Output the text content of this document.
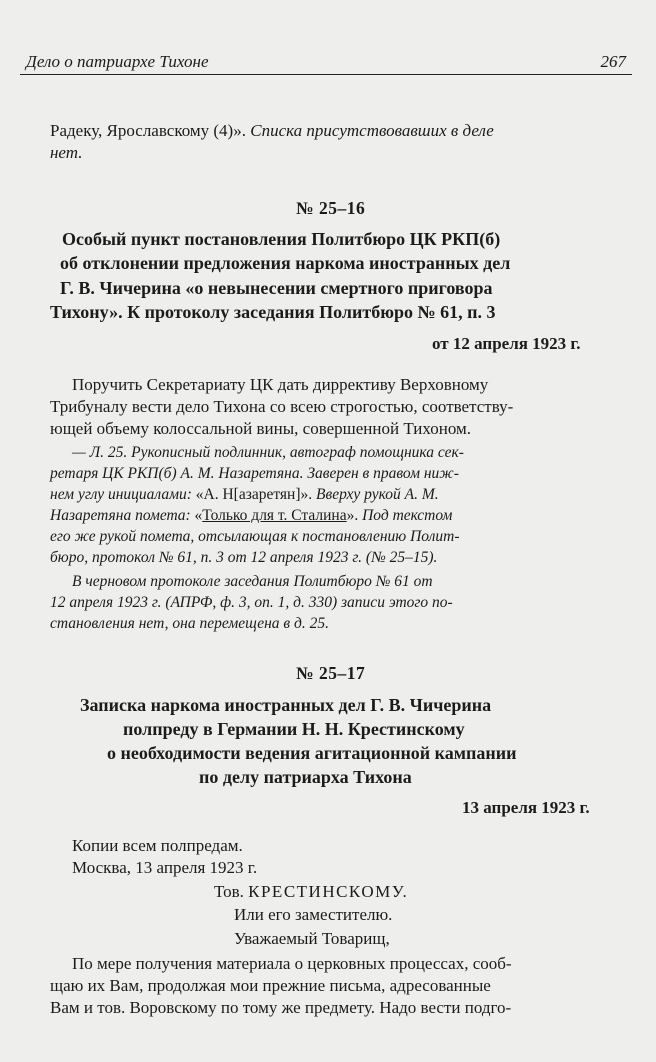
Дело о патриархе Тихоне	267
Радеку, Ярославскому (4)». Списка присутствовавших в деле
нет.
№ 25–16
Особый пункт постановления Политбюро ЦК РКП(б)
об отклонении предложения наркома иностранных дел
Г. В. Чичерина «о невынесении смертного приговора
Тихону». К протоколу заседания Политбюро № 61, п. 3
от 12 апреля 1923 г.
Поручить Секретариату ЦК дать диррективу Верховному
Трибуналу вести дело Тихона со всею строгостью, соответству-
ющей объему колоссальной вины, совершенной Тихоном.
— Л. 25. Рукописный подлинник, автограф помощника сек-
ретаря ЦК РКП(б) А. М. Назаретяна. Заверен в правом ниж-
нем углу инициалами: «А. Н[азаретян]». Вверху рукой А. М.
Назаретяна пометa: «Только для т. Сталина». Под текстом
его же рукой пометa, отсылающая к постановлению Полит-
бюро, протокол № 61, п. 3 от 12 апреля 1923 г. (№ 25–15).
В черновом протоколе заседания Политбюро № 61 от
12 апреля 1923 г. (АПРФ, ф. 3, оп. 1, д. 330) записи этого по-
становления нет, она перемещена в д. 25.
№ 25–17
Записка наркома иностранных дел Г. В. Чичерина
полпреду в Германии Н. Н. Крестинскому
о необходимости ведения агитационной кампании
по делу патриарха Тихона
13 апреля 1923 г.
Копии всем полпредам.
Москва, 13 апреля 1923 г.
Тов. КРЕСТИНСКОМУ.
Или его заместителю.
Уважаемый Товарищ,
По мере получения материала о церковных процессах, сооб-
щаю их Вам, продолжая мои прежние письма, адресованные
Вам и тов. Воровскому по тому же предмету. Надо вести подго-
